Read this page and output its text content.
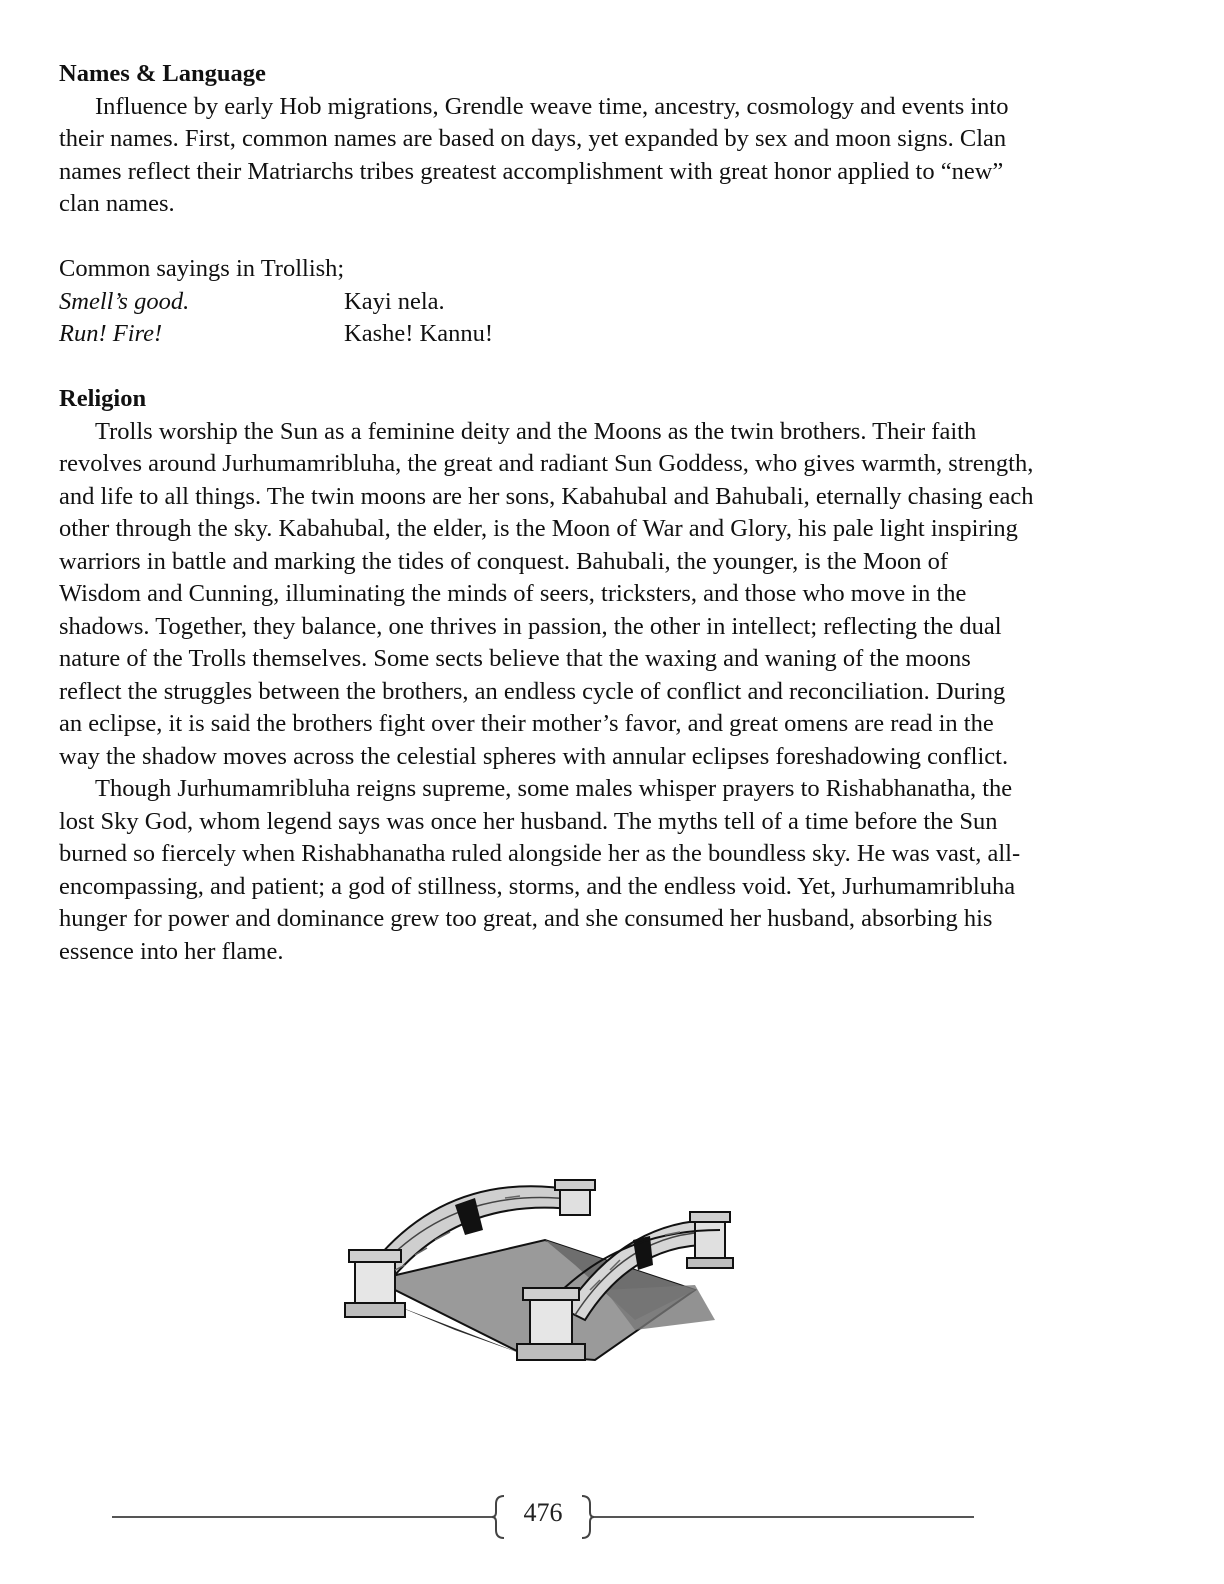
Names & Language

Influence by early Hob migrations, Grendle weave time, ancestry, cosmology and events into their names. First, common names are based on days, yet expanded by sex and moon signs. Clan names reflect their Matriarchs tribes greatest accomplishment with great honor applied to “new” clan names.

Common sayings in Trollish;

Smell’s good.	Kayi nela.
Run! Fire!	Kashe! Kannu!

Religion

Trolls worship the Sun as a feminine deity and the Moons as the twin brothers. Their faith revolves around Jurhumamribluha, the great and radiant Sun Goddess, who gives warmth, strength, and life to all things. The twin moons are her sons, Kabahubal and Bahubali, eternally chasing each other through the sky. Kabahubal, the elder, is the Moon of War and Glory, his pale light inspiring warriors in battle and marking the tides of conquest. Bahubali, the younger, is the Moon of Wisdom and Cunning, illuminating the minds of seers, tricksters, and those who move in the shadows. Together, they balance, one thrives in passion, the other in intellect; reflecting the dual nature of the Trolls themselves. Some sects believe that the waxing and waning of the moons reflect the struggles between the brothers, an endless cycle of conflict and reconciliation. During an eclipse, it is said the brothers fight over their mother’s favor, and great omens are read in the way the shadow moves across the celestial spheres with annular eclipses foreshadowing conflict.

Though Jurhumamribluha reigns supreme, some males whisper prayers to Rishabhanatha, the lost Sky God, whom legend says was once her husband. The myths tell of a time before the Sun burned so fiercely when Rishabhanatha ruled alongside her as the boundless sky. He was vast, all-encompassing, and patient; a god of stillness, storms, and the endless void. Yet, Jurhumamribluha hunger for power and dominance grew too great, and she consumed her husband, absorbing his essence into her flame.

476
